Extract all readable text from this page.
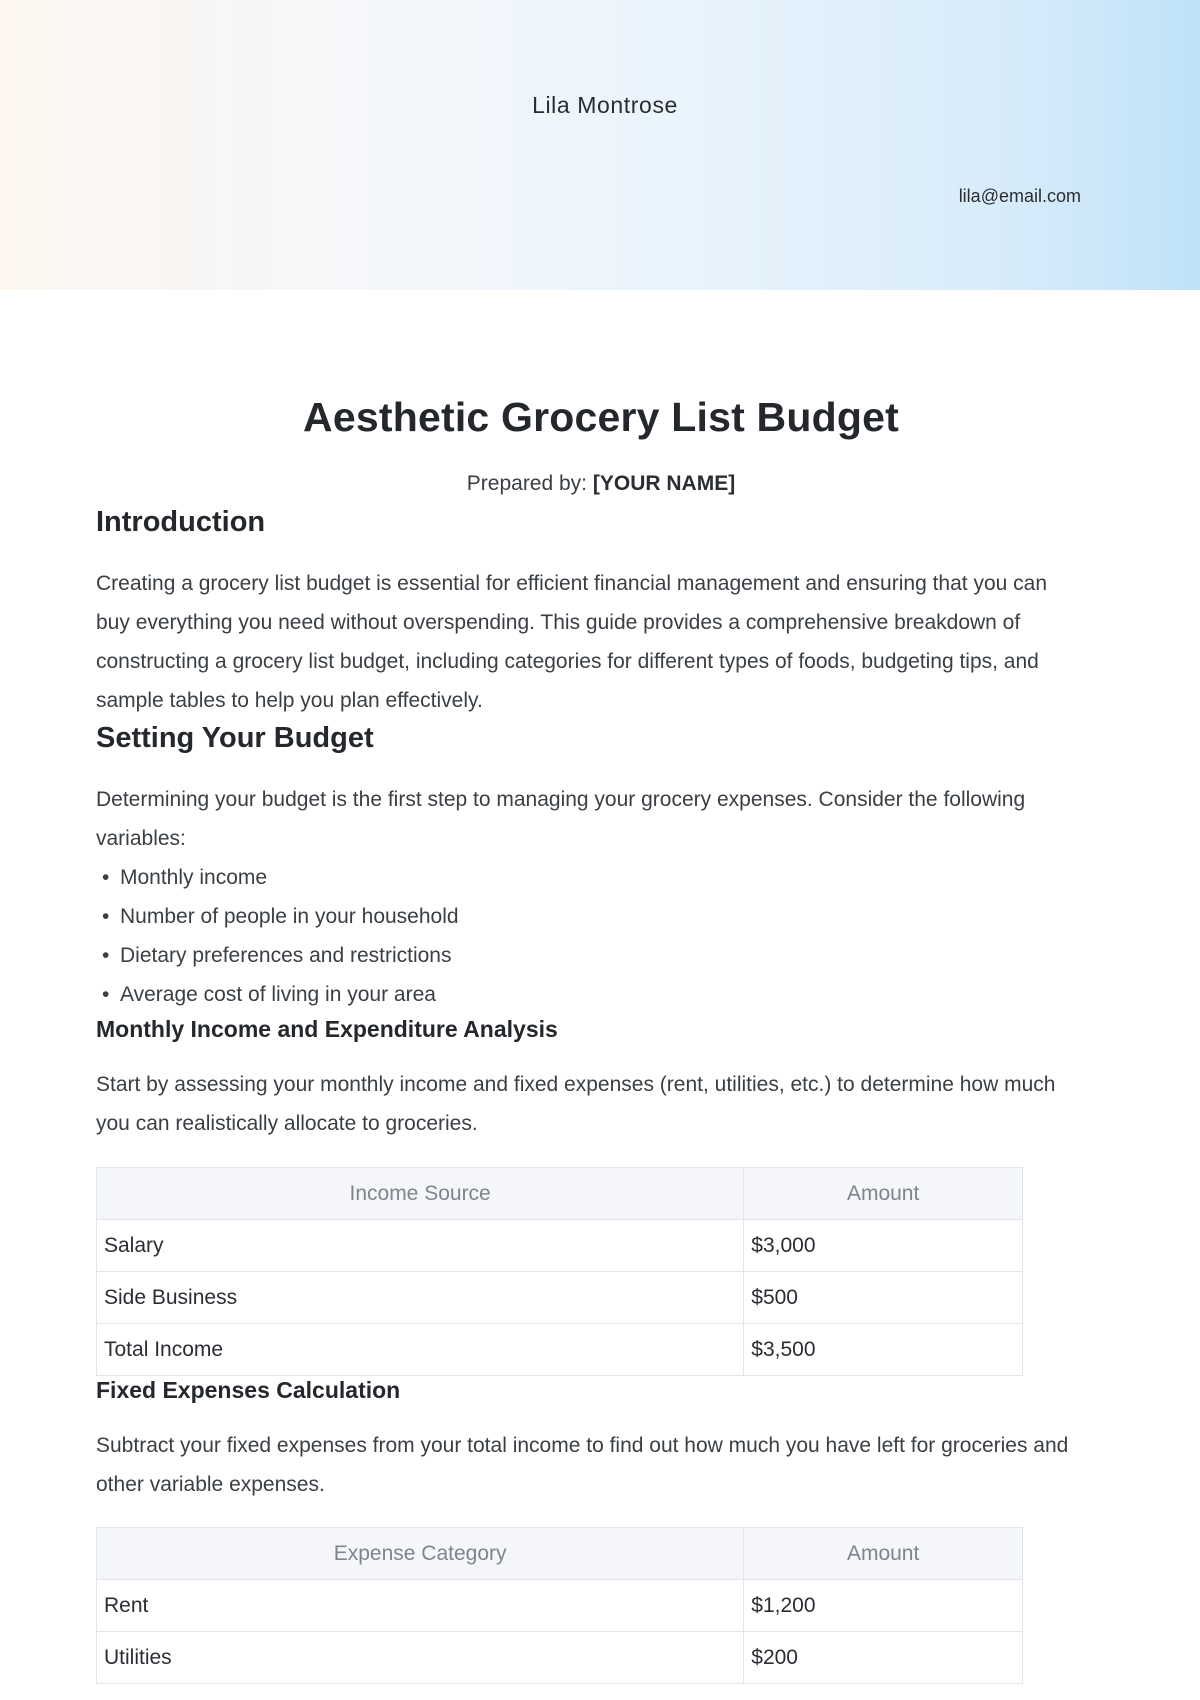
Lila Montrose
lila@email.com
Aesthetic Grocery List Budget
Prepared by: [YOUR NAME]
Introduction

Creating a grocery list budget is essential for efficient financial management and ensuring that you can buy everything you need without overspending. This guide provides a comprehensive breakdown of constructing a grocery list budget, including categories for different types of foods, budgeting tips, and sample tables to help you plan effectively.

Setting Your Budget

Determining your budget is the first step to managing your grocery expenses. Consider the following variables:

• Monthly income
• Number of people in your household
• Dietary preferences and restrictions
• Average cost of living in your area
Monthly Income and Expenditure Analysis

Start by assessing your monthly income and fixed expenses (rent, utilities, etc.) to determine how much you can realistically allocate to groceries.

Income Source	Amount
Salary	$3,000
Side Business	$500
Total Income	$3,500
Fixed Expenses Calculation

Subtract your fixed expenses from your total income to find out how much you have left for groceries and other variable expenses.

Expense Category	Amount
Rent	$1,200
Utilities	$200
